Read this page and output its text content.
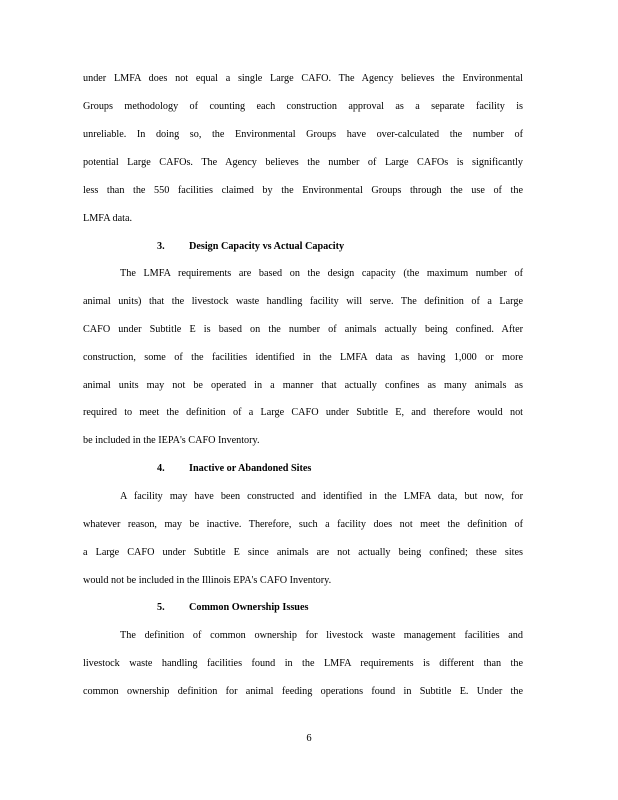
under LMFA does not equal a single Large CAFO. The Agency believes the Environmental
Groups methodology of counting each construction approval as a separate facility is
unreliable. In doing so, the Environmental Groups have over-calculated the number of
potential Large CAFOs. The Agency believes the number of Large CAFOs is significantly
less than the 550 facilities claimed by the Environmental Groups through the use of the
LMFA data.
3. Design Capacity vs Actual Capacity
The LMFA requirements are based on the design capacity (the maximum number of
animal units) that the livestock waste handling facility will serve. The definition of a Large
CAFO under Subtitle E is based on the number of animals actually being confined. After
construction, some of the facilities identified in the LMFA data as having 1,000 or more
animal units may not be operated in a manner that actually confines as many animals as
required to meet the definition of a Large CAFO under Subtitle E, and therefore would not
be included in the IEPA's CAFO Inventory.
4. Inactive or Abandoned Sites
A facility may have been constructed and identified in the LMFA data, but now, for
whatever reason, may be inactive. Therefore, such a facility does not meet the definition of
a Large CAFO under Subtitle E since animals are not actually being confined; these sites
would not be included in the Illinois EPA's CAFO Inventory.
5. Common Ownership Issues
The definition of common ownership for livestock waste management facilities and
livestock waste handling facilities found in the LMFA requirements is different than the
common ownership definition for animal feeding operations found in Subtitle E. Under the
6
